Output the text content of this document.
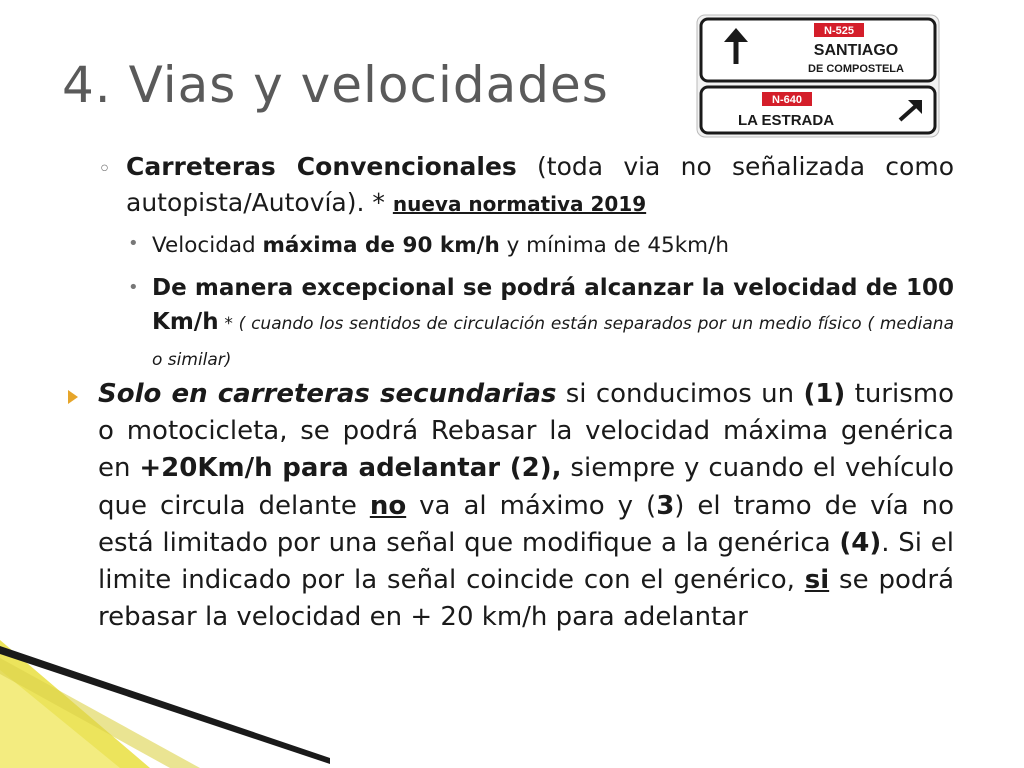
4. Vias y velocidades
N-525
SANTIAGO
DE COMPOSTELA
N-640
LA ESTRADA
◦ Carreteras Convencionales (toda via no señalizada como autopista/Autovía). * nueva normativa 2019
• Velocidad máxima de 90 km/h y mínima de 45km/h
• De manera excepcional se podrá alcanzar la velocidad de 100 Km/h * ( cuando los sentidos de circulación están separados por un medio físico ( mediana o similar)
Solo en carreteras secundarias si conducimos un (1) turismo o motocicleta, se podrá Rebasar la velocidad máxima genérica en +20Km/h para adelantar (2), siempre y cuando el vehículo que circula delante no va al máximo y (3) el tramo de vía no está limitado por una señal que modifique a la genérica (4). Si el limite indicado por la señal coincide con el genérico, si se podrá rebasar la velocidad en + 20 km/h para adelantar
